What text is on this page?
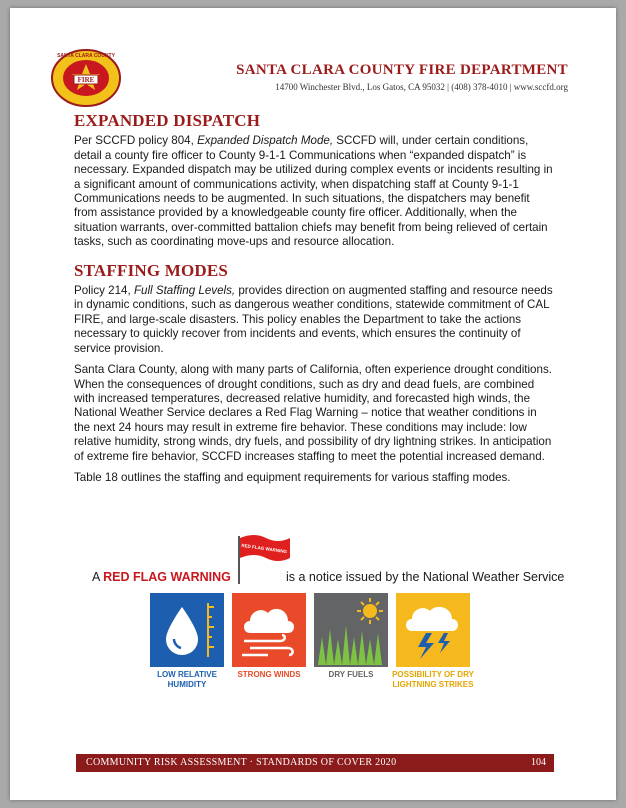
FIRE
SANTA CLARA COUNTY
SANTA CLARA COUNTY FIRE DEPARTMENT
14700 Winchester Blvd., Los Gatos, CA 95032 | (408) 378-4010 | www.sccfd.org
EXPANDED DISPATCH

Per SCCFD policy 804, Expanded Dispatch Mode, SCCFD will, under certain conditions, detail a county fire officer to County 9-1-1 Communications when “expanded dispatch” is necessary. Expanded dispatch may be utilized during complex events or incidents resulting in a significant amount of communications activity, when dispatching staff at County 9-1-1 Communications needs to be augmented. In such situations, the dispatchers may benefit from assistance provided by a knowledgeable county fire officer. Additionally, when the situation warrants, over-committed battalion chiefs may benefit from being relieved of certain tasks, such as coordinating move-ups and resource allocation.

STAFFING MODES

Policy 214, Full Staffing Levels, provides direction on augmented staffing and resource needs in dynamic conditions, such as dangerous weather conditions, statewide commitment of CAL FIRE, and large-scale disasters. This policy enables the Department to take the actions necessary to quickly recover from incidents and events, which ensures the continuity of service provision.

Santa Clara County, along with many parts of California, often experience drought conditions. When the consequences of drought conditions, such as dry and dead fuels, are combined with increased temperatures, decreased relative humidity, and forecasted high winds, the National Weather Service declares a Red Flag Warning – notice that weather conditions in the next 24 hours may result in extreme fire behavior. These conditions may include: low relative humidity, strong winds, dry fuels, and possibility of dry lightning strikes. In anticipation of extreme fire behavior, SCCFD increases staffing to meet the potential increased demand.

Table 18 outlines the staffing and equipment requirements for various staffing modes.

A RED FLAG WARNING
RED FLAG WARNING
is a notice issued by the National Weather Service
LOW RELATIVE
HUMIDITY
STRONG WINDS	DRY FUELS	POSSIBILITY OF DRY
LIGHTNING STRIKES
COMMUNITY RISK ASSESSMENT · STANDARDS OF COVER 2020	104
